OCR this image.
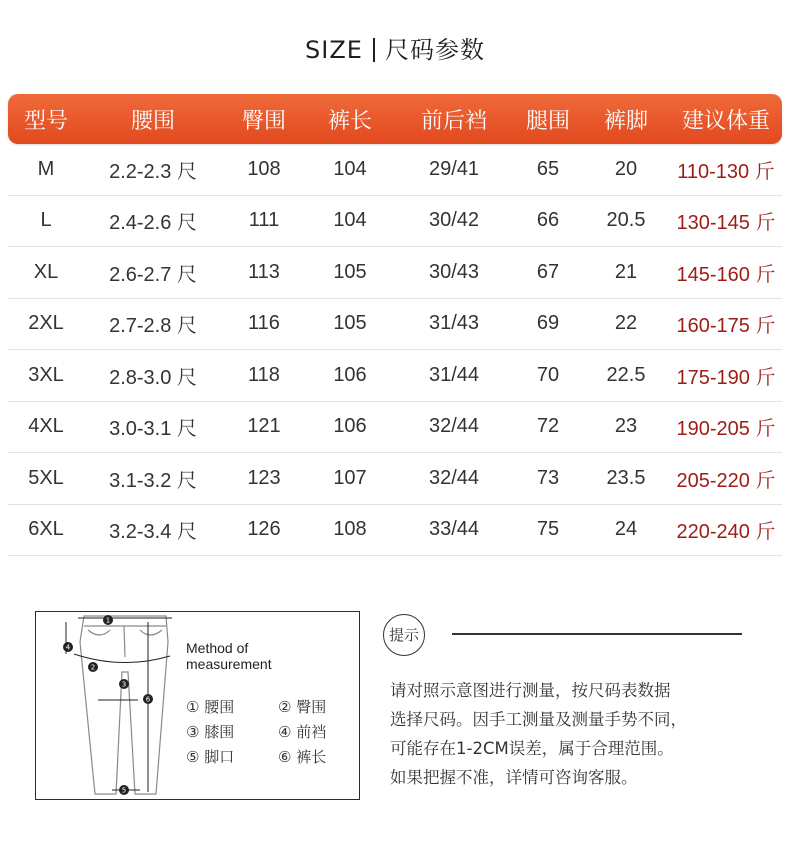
SIZE 尺码参数
型号	腰围	臀围	裤长	前后裆	腿围	裤脚	建议体重
M	2.2-2.3 尺	108	104	29/41	65	20	110-130 斤
L	2.4-2.6 尺	111	104	30/42	66	20.5	130-145 斤
XL	2.6-2.7 尺	113	105	30/43	67	21	145-160 斤
2XL	2.7-2.8 尺	116	105	31/43	69	22	160-175 斤
3XL	2.8-3.0 尺	118	106	31/44	70	22.5	175-190 斤
4XL	3.0-3.1 尺	121	106	32/44	72	23	190-205 斤
5XL	3.1-3.2 尺	123	107	32/44	73	23.5	205-220 斤
6XL	3.2-3.4 尺	126	108	33/44	75	24	220-240 斤
1
2
3
4
5
6
Method of
measurement
① 腰围	② 臀围
③ 膝围	④ 前裆
⑤ 脚口	⑥ 裤长
提示
请对照示意图进行测量，按尺码表数据
选择尺码。因手工测量及测量手势不同，
可能存在1-2CM误差，属于合理范围。
如果把握不准，详情可咨询客服。
